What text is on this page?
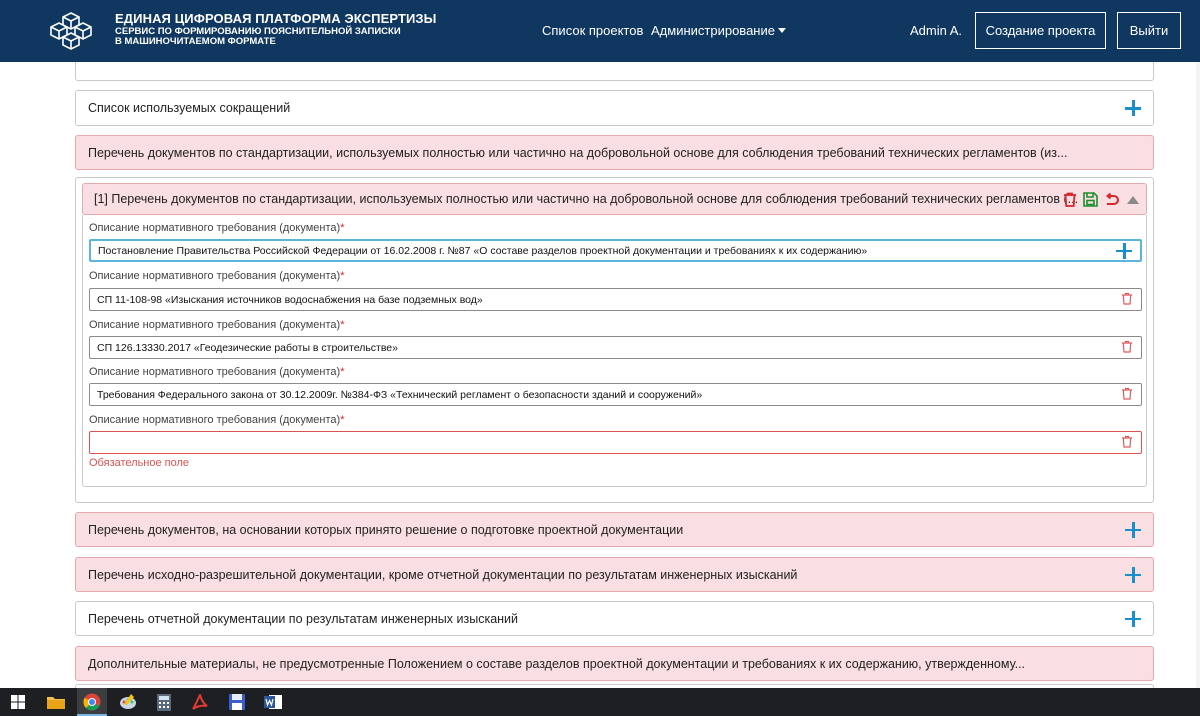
ЕДИНАЯ ЦИФРОВАЯ ПЛАТФОРМА ЭКСПЕРТИЗЫ
СЕРВИС ПО ФОРМИРОВАНИЮ ПОЯСНИТЕЛЬНОЙ ЗАПИСКИ
В МАШИНОЧИТАЕМОМ ФОРМАТЕ
Список проектов Администрирование	Admin A.	Создание проекта	Выйти
Список используемых сокращений
Перечень документов по стандартизации, используемых полностью или частично на добровольной основе для соблюдения требований технических регламентов (из...
[1] Перечень документов по стандартизации, используемых полностью или частично на добровольной основе для соблюдения требований технических регламентов (...
Описание нормативного требования (документа)*
Постановление Правительства Российской Федерации от 16.02.2008 г. №87 «О составе разделов проектной документации и требованиях к их содержанию»
Описание нормативного требования (документа)*
СП 11-108-98 «Изыскания источников водоснабжения на базе подземных вод»
Описание нормативного требования (документа)*
СП 126.13330.2017 «Геодезические работы в строительстве»
Описание нормативного требования (документа)*
Требования Федерального закона от 30.12.2009г. №384-ФЗ «Технический регламент о безопасности зданий и сооружений»
Описание нормативного требования (документа)*
Обязательное поле
Перечень документов, на основании которых принято решение о подготовке проектной документации
Перечень исходно-разрешительной документации, кроме отчетной документации по результатам инженерных изысканий
Перечень отчетной документации по результатам инженерных изысканий
Дополнительные материалы, не предусмотренные Положением о составе разделов проектной документации и требованиях к их содержанию, утвержденному...
